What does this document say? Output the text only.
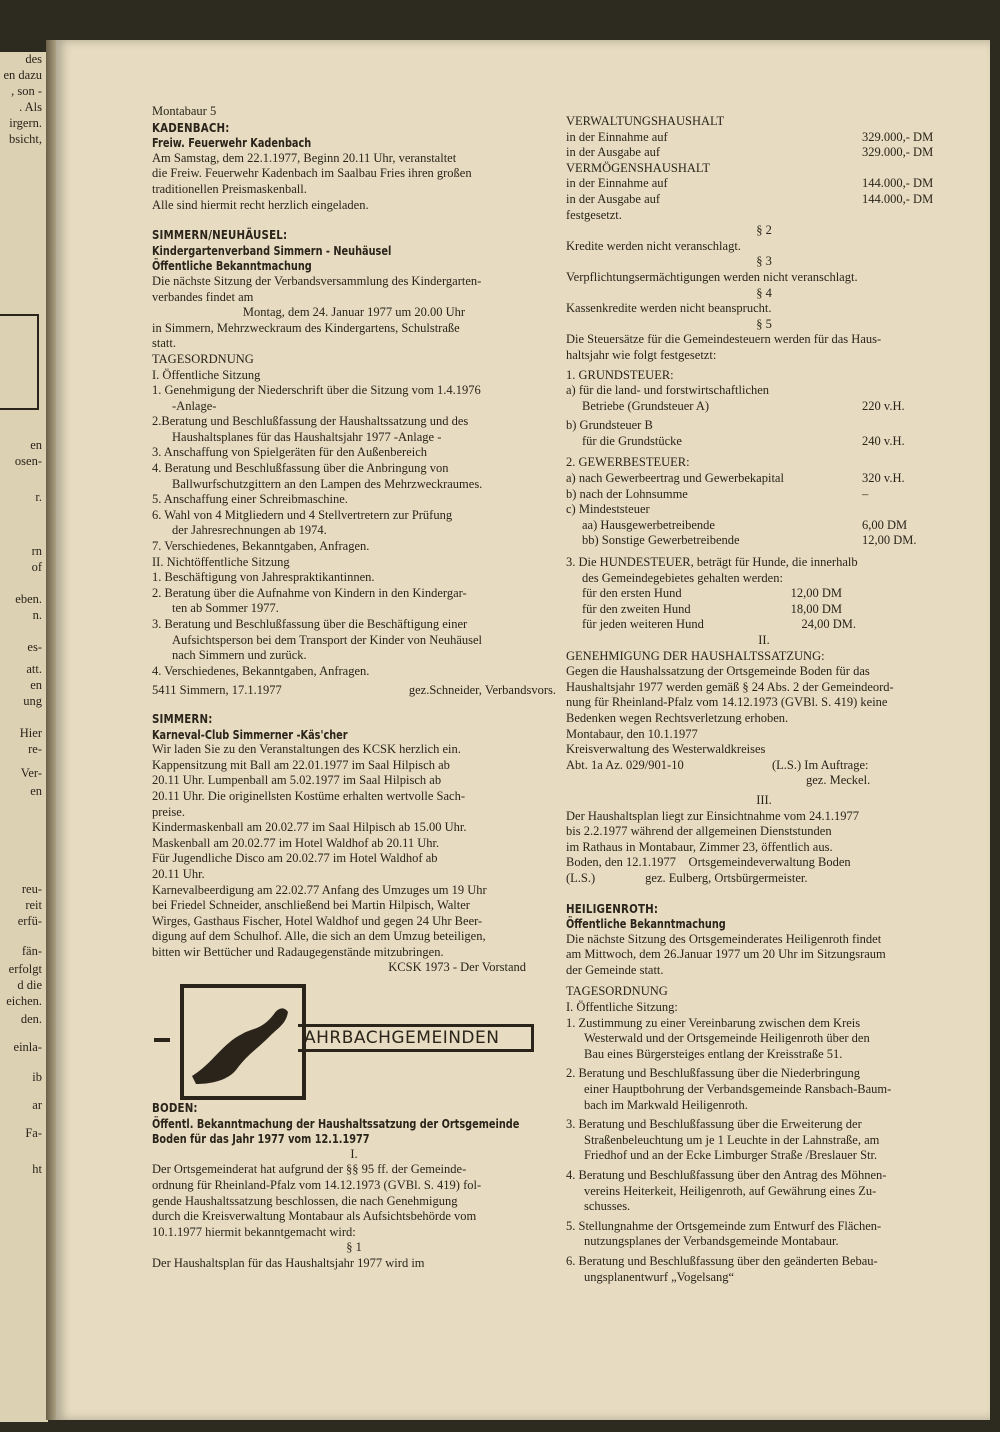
des
en dazu
, son -
. Als
irgern.
bsicht,
en
osen-
r.
rn
of
eben.
n.
es-
att.
en
ung
Hier
re-
Ver-
en
reu-
reit
erfü-
fän-
erfolgt
d die
eichen.
den.
einla-
ib
ar
Fa-
ht

Montabaur 5

KADENBACH:

Freiw. Feuerwehr Kadenbach

Am Samstag, dem 22.1.1977, Beginn 20.11 Uhr, veranstaltet

die Freiw. Feuerwehr Kadenbach im Saalbau Fries ihren großen

traditionellen Preismaskenball.

Alle sind hiermit recht herzlich eingeladen.

SIMMERN/NEUHÄUSEL:

Kindergartenverband Simmern - Neuhäusel

Öffentliche Bekanntmachung

Die nächste Sitzung der Verbandsversammlung des Kindergarten-

verbandes findet am

Montag, dem 24. Januar 1977 um 20.00 Uhr

in Simmern, Mehrzweckraum des Kindergartens, Schulstraße

statt.

TAGESORDNUNG

I. Öffentliche Sitzung

1. Genehmigung der Niederschrift über die Sitzung vom 1.4.1976

-Anlage-

2.Beratung und Beschlußfassung der Haushaltssatzung und des

Haushaltsplanes für das Haushaltsjahr 1977 -Anlage -

3. Anschaffung von Spielgeräten für den Außenbereich

4. Beratung und Beschlußfassung über die Anbringung von

Ballwurfschutzgittern an den Lampen des Mehrzweckraumes.

5. Anschaffung einer Schreibmaschine.

6. Wahl von 4 Mitgliedern und 4 Stellvertretern zur Prüfung

der Jahresrechnungen ab 1974.

7. Verschiedenes, Bekanntgaben, Anfragen.

II. Nichtöffentliche Sitzung

1. Beschäftigung von Jahrespraktikantinnen.

2. Beratung über die Aufnahme von Kindern in den Kindergar-

ten ab Sommer 1977.

3. Beratung und Beschlußfassung über die Beschäftigung einer

Aufsichtsperson bei dem Transport der Kinder von Neuhäusel

nach Simmern und zurück.

4. Verschiedenes, Bekanntgaben, Anfragen.

5411 Simmern, 17.1.1977	gez.Schneider, Verbandsvors.

SIMMERN:

Karneval-Club Simmerner -Käs'cher

Wir laden Sie zu den Veranstaltungen des KCSK herzlich ein.

Kappensitzung mit Ball am 22.01.1977 im Saal Hilpisch ab

20.11 Uhr. Lumpenball am 5.02.1977 im Saal Hilpisch ab

20.11 Uhr. Die originellsten Kostüme erhalten wertvolle Sach-

preise.

Kindermaskenball am 20.02.77 im Saal Hilpisch ab 15.00 Uhr.

Maskenball am 20.02.77 im Hotel Waldhof ab 20.11 Uhr.

Für Jugendliche Disco am 20.02.77 im Hotel Waldhof ab

20.11 Uhr.

Karnevalbeerdigung am 22.02.77 Anfang des Umzuges um 19 Uhr

bei Friedel Schneider, anschließend bei Martin Hilpisch, Walter

Wirges, Gasthaus Fischer, Hotel Waldhof und gegen 24 Uhr Beer-

digung auf dem Schulhof. Alle, die sich an dem Umzug beteiligen,

bitten wir Bettücher und Radaugegenstände mitzubringen.

KCSK 1973 - Der Vorstand

AHRBACHGEMEINDEN

BODEN:

Öffentl. Bekanntmachung der Haushaltssatzung der Ortsgemeinde

Boden für das Jahr 1977 vom 12.1.1977

I.

Der Ortsgemeinderat hat aufgrund der §§ 95 ff. der Gemeinde-

ordnung für Rheinland-Pfalz vom 14.12.1973 (GVBl. S. 419) fol-

gende Haushaltssatzung beschlossen, die nach Genehmigung

durch die Kreisverwaltung Montabaur als Aufsichtsbehörde vom

10.1.1977 hiermit bekanntgemacht wird:

§ 1

Der Haushaltsplan für das Haushaltsjahr 1977 wird im

VERWALTUNGSHAUSHALT

in der Einnahme auf	329.000,- DM
in der Ausgabe auf	329.000,- DM

VERMÖGENSHAUSHALT

in der Einnahme auf	144.000,- DM
in der Ausgabe auf	144.000,- DM

festgesetzt.

§ 2

Kredite werden nicht veranschlagt.

§ 3

Verpflichtungsermächtigungen werden nicht veranschlagt.

§ 4

Kassenkredite werden nicht beansprucht.

§ 5

Die Steuersätze für die Gemeindesteuern werden für das Haus-

haltsjahr wie folgt festgesetzt:

1. GRUNDSTEUER:

a) für die land- und forstwirtschaftlichen

Betriebe (Grundsteuer A)	220 v.H.

b) Grundsteuer B

für die Grundstücke	240 v.H.

2. GEWERBESTEUER:

a) nach Gewerbeertrag und Gewerbekapital	320 v.H.
b) nach der Lohnsumme	–

c) Mindeststeuer

aa) Hausgewerbetreibende	6,00 DM
bb) Sonstige Gewerbetreibende	12,00 DM.

3. Die HUNDESTEUER, beträgt für Hunde, die innerhalb

des Gemeindegebietes gehalten werden:

für den ersten Hund	12,00 DM
für den zweiten Hund	18,00 DM
für jeden weiteren Hund	24,00 DM.

II.

GENEHMIGUNG DER HAUSHALTSSATZUNG:

Gegen die Haushalssatzung der Ortsgemeinde Boden für das

Haushaltsjahr 1977 werden gemäß § 24 Abs. 2 der Gemeindeord-

nung für Rheinland-Pfalz vom 14.12.1973 (GVBl. S. 419) keine

Bedenken wegen Rechtsverletzung erhoben.

Montabaur, den 10.1.1977

Kreisverwaltung des Westerwaldkreises

Abt. 1a Az. 029/901-10	(L.S.) Im Auftrage:

gez. Meckel.

III.

Der Haushaltsplan liegt zur Einsichtnahme vom 24.1.1977

bis 2.2.1977 während der allgemeinen Dienststunden

im Rathaus in Montabaur, Zimmer 23, öffentlich aus.

Boden, den 12.1.1977    Ortsgemeindeverwaltung Boden

(L.S.)                gez. Eulberg, Ortsbürgermeister.

HEILIGENROTH:

Öffentliche Bekanntmachung

Die nächste Sitzung des Ortsgemeinderates Heiligenroth findet

am Mittwoch, dem 26.Januar 1977 um 20 Uhr im Sitzungsraum

der Gemeinde statt.

TAGESORDNUNG

I. Öffentliche Sitzung:

1. Zustimmung zu einer Vereinbarung zwischen dem Kreis

Westerwald und der Ortsgemeinde Heiligenroth über den

Bau eines Bürgersteiges entlang der Kreisstraße 51.

2. Beratung und Beschlußfassung über die Niederbringung

einer Hauptbohrung der Verbandsgemeinde Ransbach-Baum-

bach im Markwald Heiligenroth.

3. Beratung und Beschlußfassung über die Erweiterung der

Straßenbeleuchtung um je 1 Leuchte in der Lahnstraße, am

Friedhof und an der Ecke Limburger Straße /Breslauer Str.

4. Beratung und Beschlußfassung über den Antrag des Möhnen-

vereins Heiterkeit, Heiligenroth, auf Gewährung eines Zu-

schusses.

5. Stellungnahme der Ortsgemeinde zum Entwurf des Flächen-

nutzungsplanes der Verbandsgemeinde Montabaur.

6. Beratung und Beschlußfassung über den geänderten Bebau-

ungsplanentwurf „Vogelsang“
